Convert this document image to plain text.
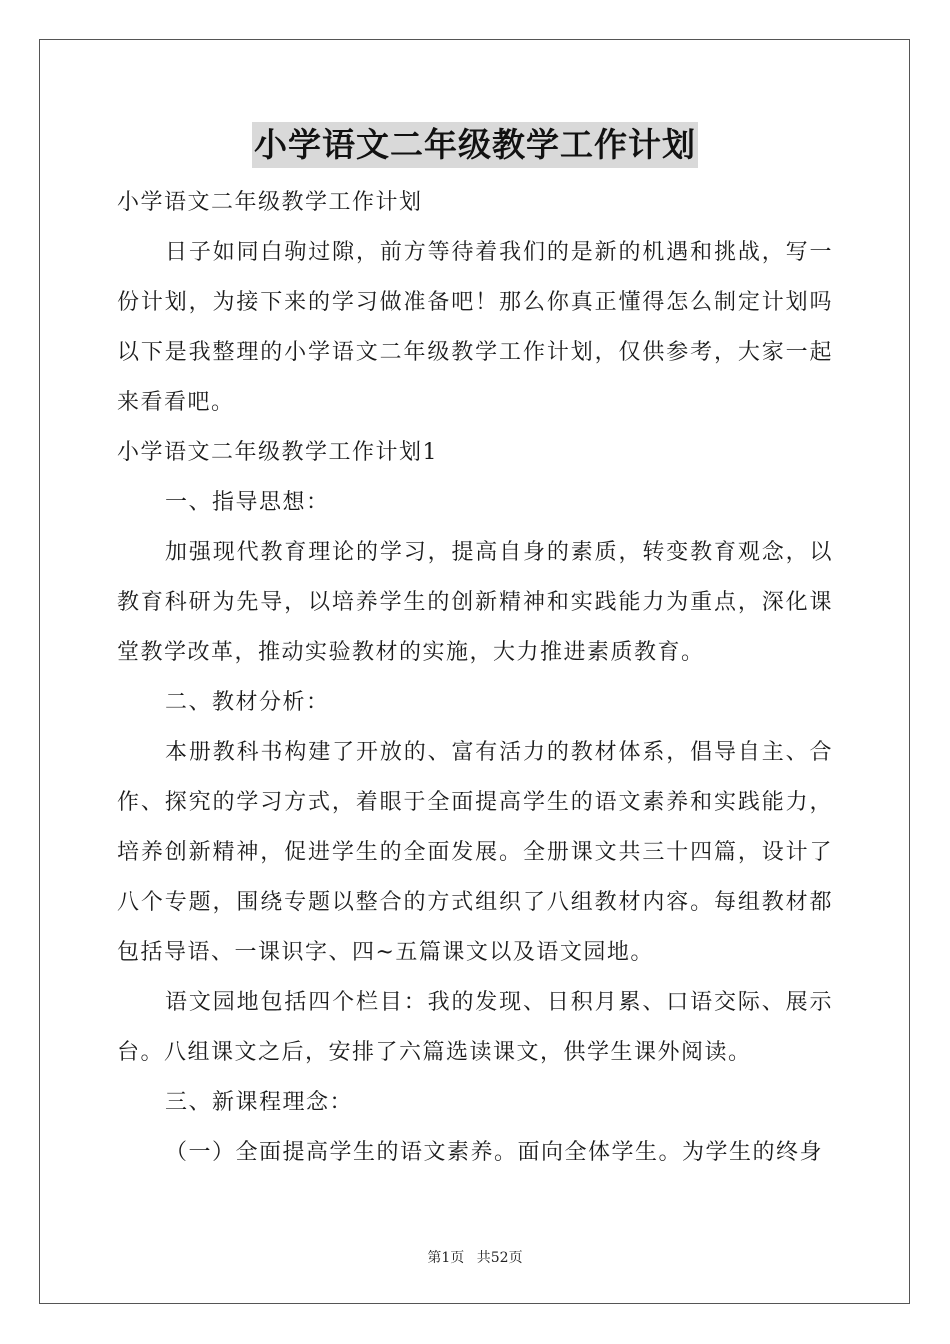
小学语文二年级教学工作计划

小学语文二年级教学工作计划

日子如同白驹过隙，前方等待着我们的是新的机遇和挑战，写一份计划，为接下来的学习做准备吧！那么你真正懂得怎么制定计划吗以下是我整理的小学语文二年级教学工作计划，仅供参考，大家一起来看看吧。

小学语文二年级教学工作计划1

一、指导思想：

加强现代教育理论的学习，提高自身的素质，转变教育观念，以教育科研为先导，以培养学生的创新精神和实践能力为重点，深化课堂教学改革，推动实验教材的实施，大力推进素质教育。

二、教材分析：

本册教科书构建了开放的、富有活力的教材体系，倡导自主、合作、探究的学习方式，着眼于全面提高学生的语文素养和实践能力，培养创新精神，促进学生的全面发展。全册课文共三十四篇，设计了八个专题，围绕专题以整合的方式组织了八组教材内容。每组教材都包括导语、一课识字、四~五篇课文以及语文园地。

语文园地包括四个栏目：我的发现、日积月累、口语交际、展示台。八组课文之后，安排了六篇选读课文，供学生课外阅读。

三、新课程理念：

（一）全面提高学生的语文素养。面向全体学生。为学生的终身

第1页 共52页
